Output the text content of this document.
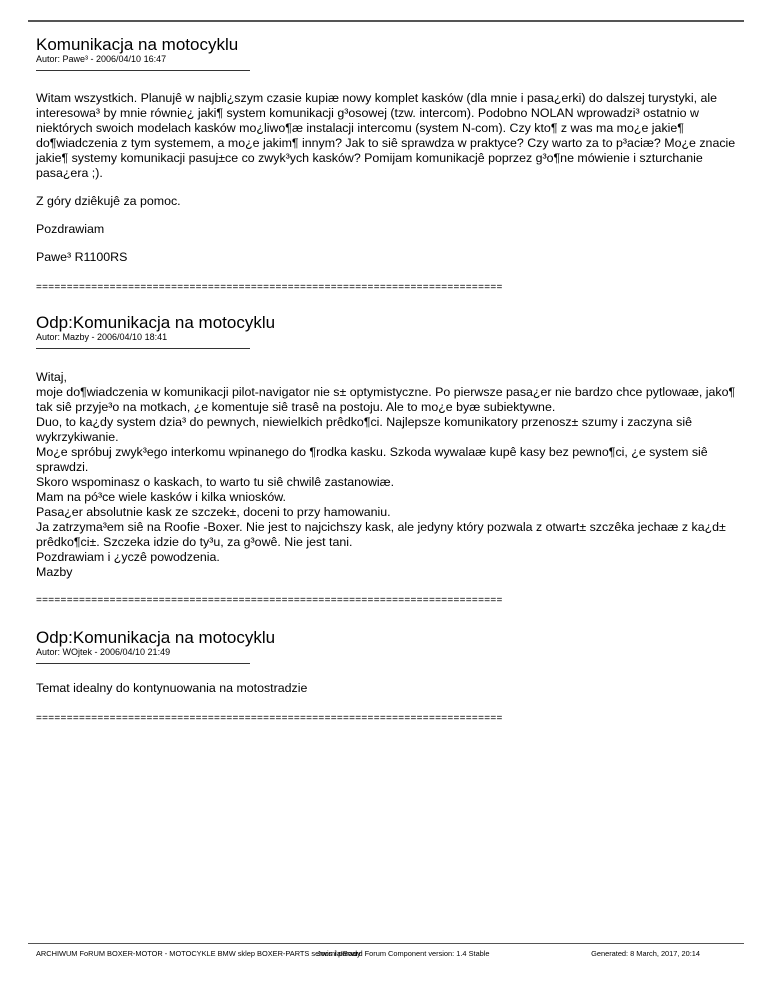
Komunikacja na motocyklu
Autor: Pawe³ - 2006/04/10 16:47

Witam wszystkich. Planujê w najbli¿szym czasie kupiæ nowy komplet kasków (dla mnie i pasa¿erki) do dalszej turystyki, ale interesowa³ by mnie równie¿ jaki¶ system komunikacji g³osowej (tzw. intercom). Podobno NOLAN wprowadzi³ ostatnio w niektórych swoich modelach kasków mo¿liwo¶æ instalacji intercomu (system N-com). Czy kto¶ z was ma mo¿e jakie¶ do¶wiadczenia z tym systemem, a mo¿e jakim¶ innym? Jak to siê sprawdza w praktyce? Czy warto za to p³aciæ? Mo¿e znacie jakie¶ systemy komunikacji pasuj±ce co zwyk³ych kasków? Pomijam komunikacjê poprzez g³o¶ne mówienie i szturchanie pasa¿era ;).

Z góry dziêkujê za pomoc.

Pozdrawiam

Pawe³ R1100RS

============================================================================
Odp:Komunikacja na motocyklu
Autor: Mazby - 2006/04/10 18:41

Witaj,
moje do¶wiadczenia w komunikacji pilot-navigator nie s± optymistyczne. Po pierwsze pasa¿er nie bardzo chce pytlowaæ, jako¶ tak siê przyje³o na motkach, ¿e komentuje siê trasê na postoju. Ale to mo¿e byæ subiektywne.
Duo, to ka¿dy system dzia³ do pewnych, niewielkich prêdko¶ci. Najlepsze komunikatory przenosz± szumy i zaczyna siê wykrzykiwanie.
Mo¿e spróbuj zwyk³ego interkomu wpinanego do ¶rodka kasku. Szkoda wywalaæ kupê kasy bez pewno¶ci, ¿e system siê sprawdzi.
Skoro wspominasz o kaskach, to warto tu siê chwilê zastanowiæ.
Mam na pó³ce wiele kasków i kilka wniosków.
Pasa¿er absolutnie kask ze szczek±, doceni to przy hamowaniu.
Ja zatrzyma³em siê na Roofie -Boxer. Nie jest to najcichszy kask, ale jedyny który pozwala z otwart± szczêka jechaæ z ka¿d± prêdko¶ci±. Szczeka idzie do ty³u, za g³owê. Nie jest tani.
Pozdrawiam i ¿yczê powodzenia.
Mazby

============================================================================
Odp:Komunikacja na motocyklu
Autor: WOjtek - 2006/04/10 21:49

Temat idealny do kontynuowania na motostradzie

============================================================================
ARCHIWUM FoRUM BOXER-MOTOR - MOTOCYKLE BMW sklep BOXER-PARTS serwis i porady
Joomla!Board Forum Component version: 1.4 Stable	Generated: 8 March, 2017, 20:14
